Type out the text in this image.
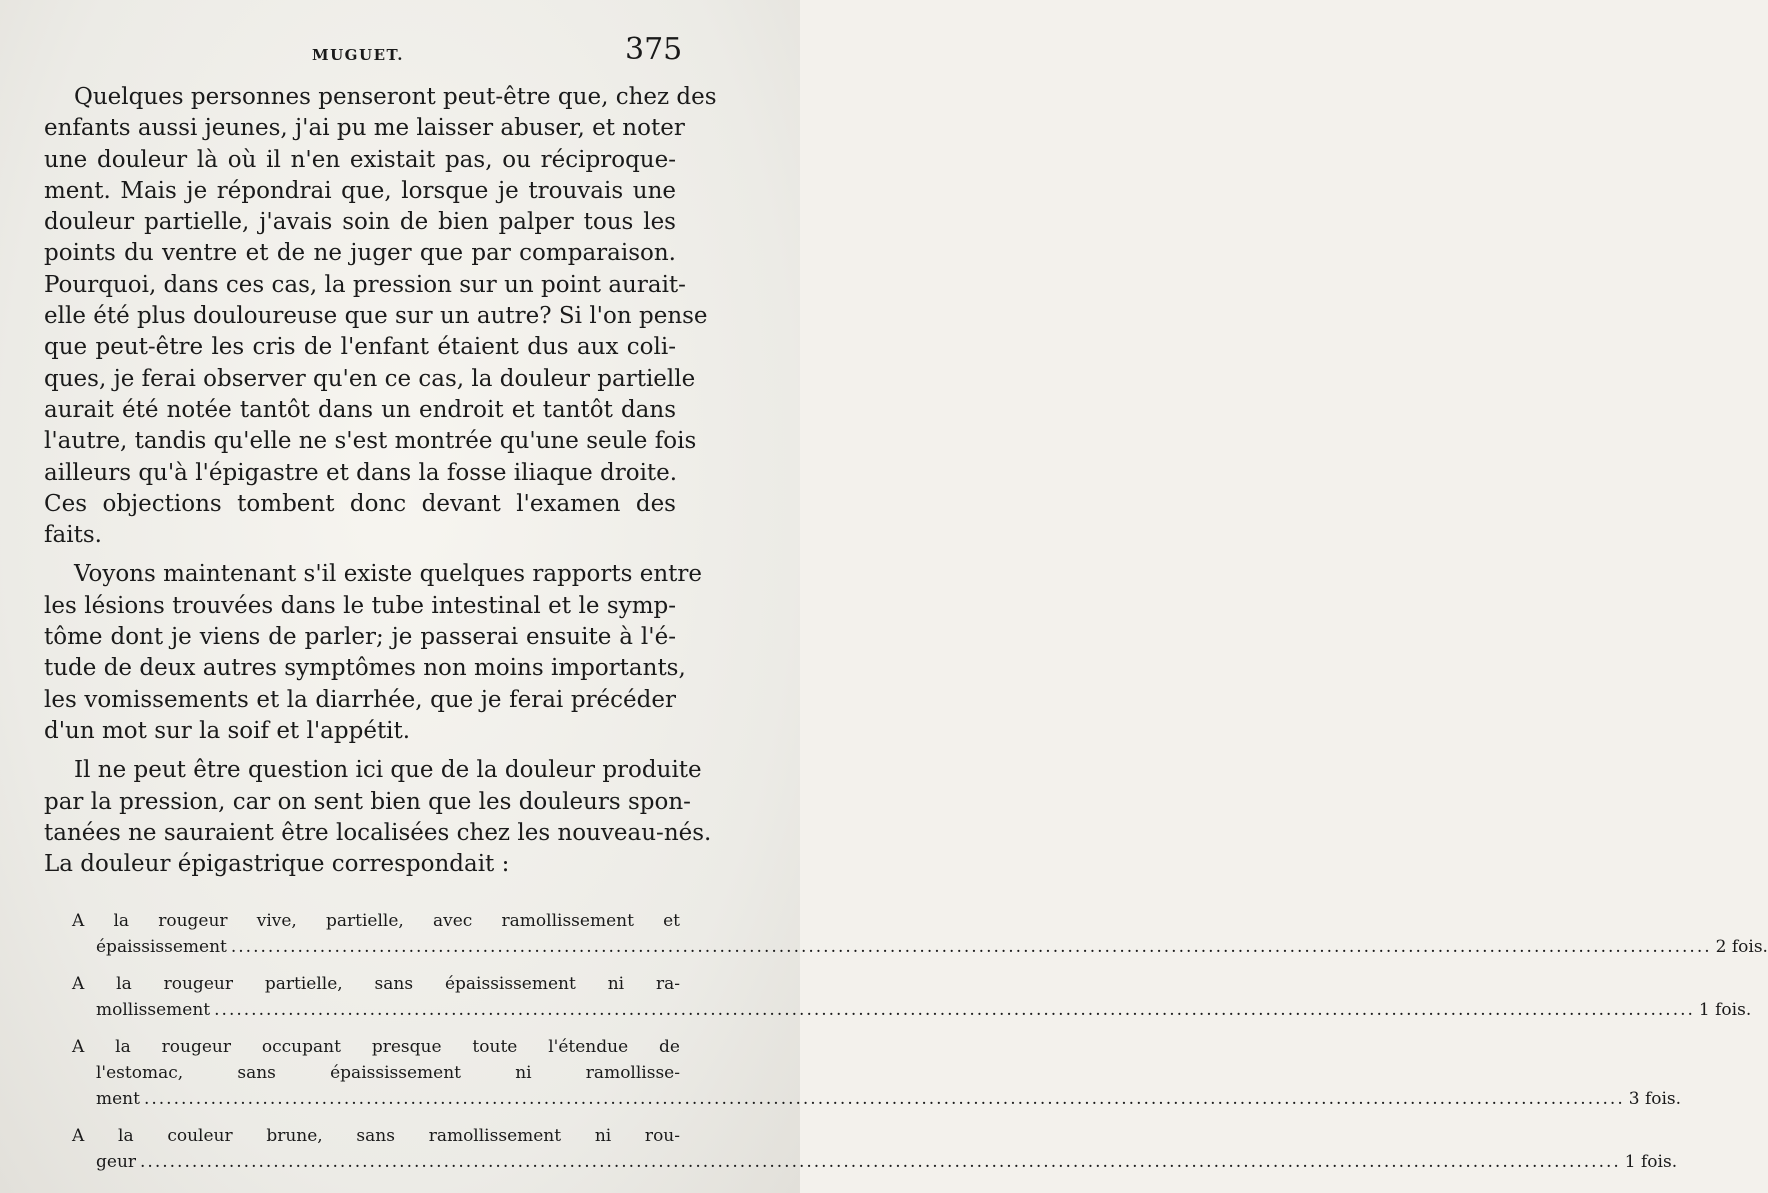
MUGUET.	375
Quelques personnes penseront peut-être que, chez des
enfants aussi jeunes, j'ai pu me laisser abuser, et noter
une douleur là où il n'en existait pas, ou réciproque-
ment. Mais je répondrai que, lorsque je trouvais une
douleur partielle, j'avais soin de bien palper tous les
points du ventre et de ne juger que par comparaison.
Pourquoi, dans ces cas, la pression sur un point aurait-
elle été plus douloureuse que sur un autre? Si l'on pense
que peut-être les cris de l'enfant étaient dus aux coli-
ques, je ferai observer qu'en ce cas, la douleur partielle
aurait été notée tantôt dans un endroit et tantôt dans
l'autre, tandis qu'elle ne s'est montrée qu'une seule fois
ailleurs qu'à l'épigastre et dans la fosse iliaque droite.
Ces objections tombent donc devant l'examen des
faits.
Voyons maintenant s'il existe quelques rapports entre
les lésions trouvées dans le tube intestinal et le symp-
tôme dont je viens de parler; je passerai ensuite à l'é-
tude de deux autres symptômes non moins importants,
les vomissements et la diarrhée, que je ferai précéder
d'un mot sur la soif et l'appétit.
Il ne peut être question ici que de la douleur produite
par la pression, car on sent bien que les douleurs spon-
tanées ne sauraient être localisées chez les nouveau-nés.
La douleur épigastrique correspondait :
A la rougeur vive, partielle, avec ramollissement et
épaississement ........................................................................................................................................................................................................ 2 fois.
A la rougeur partielle, sans épaississement ni ra-
mollissement ........................................................................................................................................................................................................ 1 fois.
A la rougeur occupant presque toute l'étendue de
l'estomac, sans épaississement ni ramollisse-
ment ........................................................................................................................................................................................................ 3 fois.
A la couleur brune, sans ramollissement ni rou-
geur ........................................................................................................................................................................................................ 1 fois.
